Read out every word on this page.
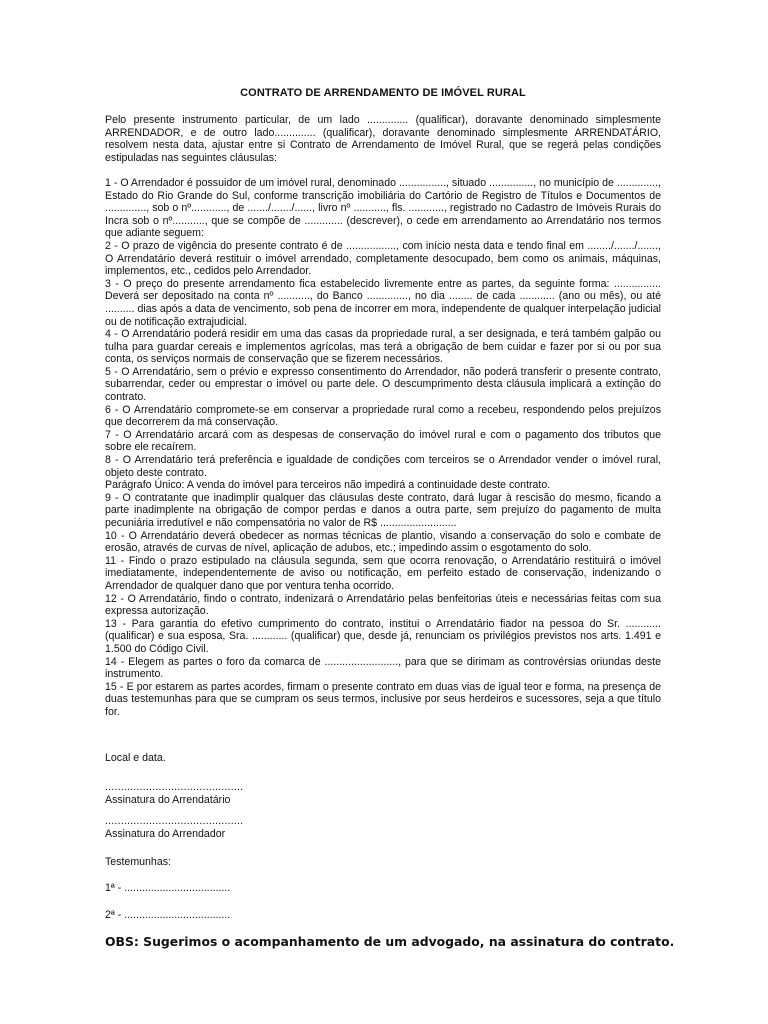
CONTRATO DE ARRENDAMENTO DE IMÓVEL RURAL

Pelo presente instrumento particular, de um lado .............. (qualificar), doravante denominado simplesmente ARRENDADOR, e de outro lado.............. (qualificar), doravante denominado simplesmente ARRENDATÁRIO, resolvem nesta data, ajustar entre si Contrato de Arrendamento de Imóvel Rural, que se regerá pelas condições estipuladas nas seguintes cláusulas:

1 - O Arrendador é possuidor de um imóvel rural, denominado ................, situado ..............., no município de .............., Estado do Rio Grande do Sul, conforme transcrição imobiliária do Cartório de Registro de Títulos e Documentos de .............., sob o nº............, de ......./......./......, livro nº ..........., fls. ............, registrado no Cadastro de Imóveis Rurais do Incra sob o nº..........., que se compõe de ............. (descrever), o cede em arrendamento ao Arrendatário nos termos que adiante seguem:

2 - O prazo de vigência do presente contrato é de ................., com início nesta data e tendo final em ......../......./......., O Arrendatário deverá restituir o imóvel arrendado, completamente desocupado, bem como os animais, máquinas, implementos, etc., cedidos pelo Arrendador.

3 - O preço do presente arrendamento fica estabelecido livremente entre as partes, da seguinte forma: ................ Deverá ser depositado na conta nº ..........., do Banco .............., no dia ........ de cada ............ (ano ou mês), ou até .......... dias após a data de vencimento, sob pena de incorrer em mora, independente de qualquer interpelação judicial ou de notificação extrajudicial.

4 - O Arrendatário poderá residir em uma das casas da propriedade rural, a ser designada, e terá também galpão ou tulha para guardar cereais e implementos agrícolas, mas terá a obrigação de bem cuidar e fazer por si ou por sua conta, os serviços normais de conservação que se fizerem necessários.

5 - O Arrendatário, sem o prévio e expresso consentimento do Arrendador, não poderá transferir o presente contrato, subarrendar, ceder ou emprestar o imóvel ou parte dele. O descumprimento desta cláusula implicará a extinção do contrato.

6 - O Arrendatário compromete-se em conservar a propriedade rural como a recebeu, respondendo pelos prejuízos que decorrerem da má conservação.

7 - O Arrendatário arcará com as despesas de conservação do imóvel rural e com o pagamento dos tributos que sobre ele recaírem.

8 - O Arrendatário terá preferência e igualdade de condições com terceiros se o Arrendador vender o imóvel rural, objeto deste contrato.

Parágrafo Único: A venda do imóvel para terceiros não impedirá a continuidade deste contrato.

9 - O contratante que inadimplir qualquer das cláusulas deste contrato, dará lugar à rescisão do mesmo, ficando a parte inadimplente na obrigação de compor perdas e danos a outra parte, sem prejuízo do pagamento de multa pecuniária irredutível e não compensatória no valor de R$ ..........................

10 - O Arrendatário deverá obedecer as normas técnicas de plantio, visando a conservação do solo e combate de erosão, através de curvas de nível, aplicação de adubos, etc.; impedindo assim o esgotamento do solo.

11 - Findo o prazo estipulado na cláusula segunda, sem que ocorra renovação, o Arrendatário restituirá o imóvel imediatamente, independentemente de aviso ou notificação, em perfeito estado de conservação, indenizando o Arrendador de qualquer dano que por ventura tenha ocorrido.

12 - O Arrendatário, findo o contrato, indenizará o Arrendatário pelas benfeitorias úteis e necessárias feitas com sua expressa autorização.

13 - Para garantia do efetivo cumprimento do contrato, institui o Arrendatário fiador na pessoa do Sr. ............ (qualificar) e sua esposa, Sra. ............ (qualificar) que, desde já, renunciam os privilégios previstos nos arts. 1.491 e 1.500 do Código Civil.

14 - Elegem as partes o foro da comarca de ........................., para que se dirimam as controvérsias oriundas deste instrumento.

15 - E por estarem as partes acordes, firmam o presente contrato em duas vias de igual teor e forma, na presença de duas testemunhas para que se cumpram os seus termos, inclusive por seus herdeiros e sucessores, seja a que título for.

Local e data.
............................................
Assinatura do Arrendatário
............................................
Assinatura do Arrendador
Testemunhas:
1ª - ....................................
2ª - ....................................
OBS: Sugerimos o acompanhamento de um advogado, na assinatura do contrato.
